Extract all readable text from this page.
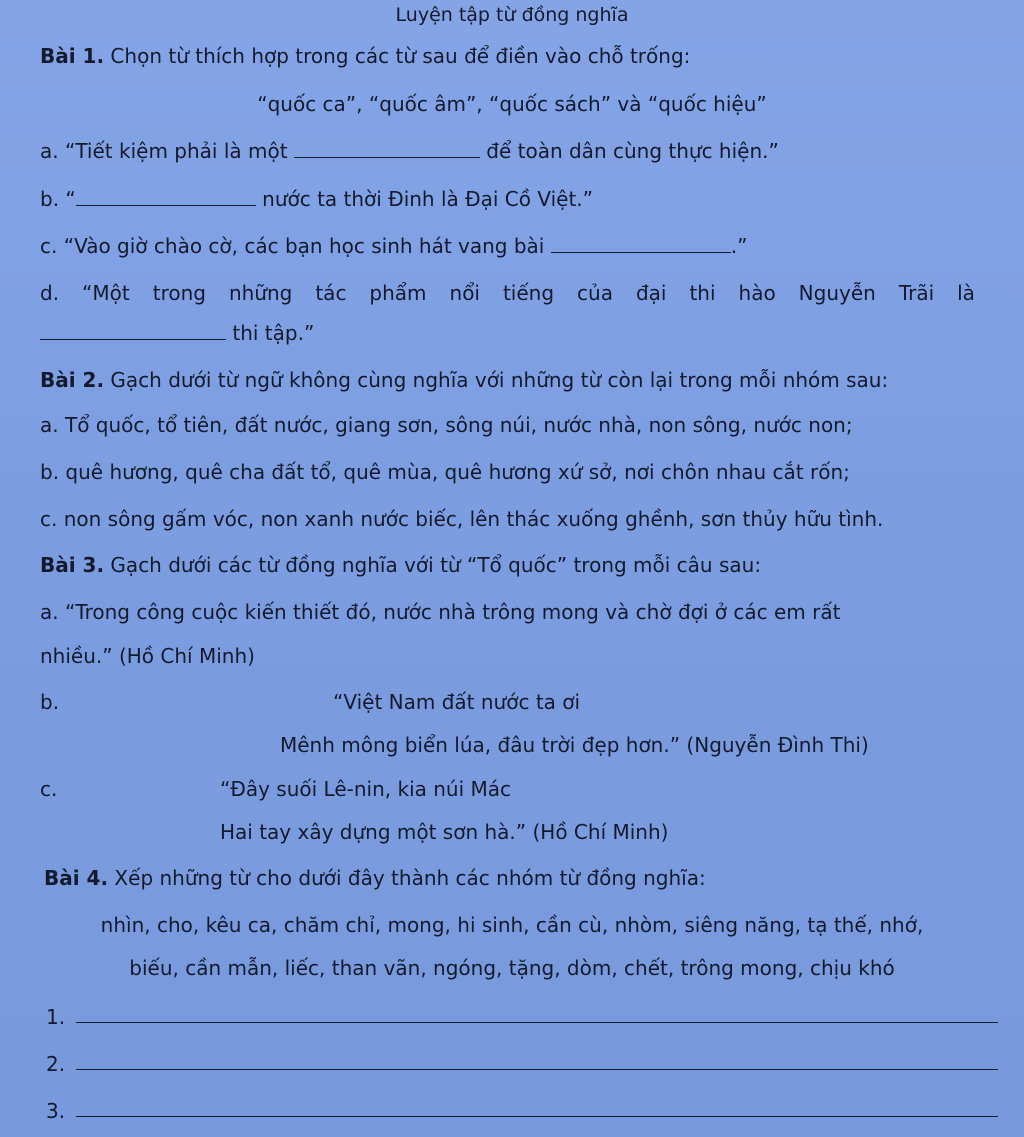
Luyện tập từ đồng nghĩa
Bài 1. Chọn từ thích hợp trong các từ sau để điền vào chỗ trống:
“quốc ca”, “quốc âm”, “quốc sách” và “quốc hiệu”
a. “Tiết kiệm phải là một	để toàn dân cùng thực hiện.”
b. “	nước ta thời Đinh là Đại Cồ Việt.”
c. “Vào giờ chào cờ, các bạn học sinh hát vang bài	.”
d. “Một trong những tác phẩm nổi tiếng của đại thi hào Nguyễn Trãi là
thi tập.”
Bài 2. Gạch dưới từ ngữ không cùng nghĩa với những từ còn lại trong mỗi nhóm sau:
a. Tổ quốc, tổ tiên, đất nước, giang sơn, sông núi, nước nhà, non sông, nước non;
b. quê hương, quê cha đất tổ, quê mùa, quê hương xứ sở, nơi chôn nhau cắt rốn;
c. non sông gấm vóc, non xanh nước biếc, lên thác xuống ghềnh, sơn thủy hữu tình.
Bài 3. Gạch dưới các từ đồng nghĩa với từ “Tổ quốc” trong mỗi câu sau:
a. “Trong công cuộc kiến thiết đó, nước nhà trông mong và chờ đợi ở các em rất
nhiều.” (Hồ Chí Minh)
b.	“Việt Nam đất nước ta ơi
Mênh mông biển lúa, đâu trời đẹp hơn.” (Nguyễn Đình Thi)
c.	“Đây suối Lê-nin, kia núi Mác
Hai tay xây dựng một sơn hà.” (Hồ Chí Minh)
Bài 4. Xếp những từ cho dưới đây thành các nhóm từ đồng nghĩa:
nhìn, cho, kêu ca, chăm chỉ, mong, hi sinh, cần cù, nhòm, siêng năng, tạ thế, nhớ,
biếu, cần mẫn, liếc, than vãn, ngóng, tặng, dòm, chết, trông mong, chịu khó
1.
2.
3.
